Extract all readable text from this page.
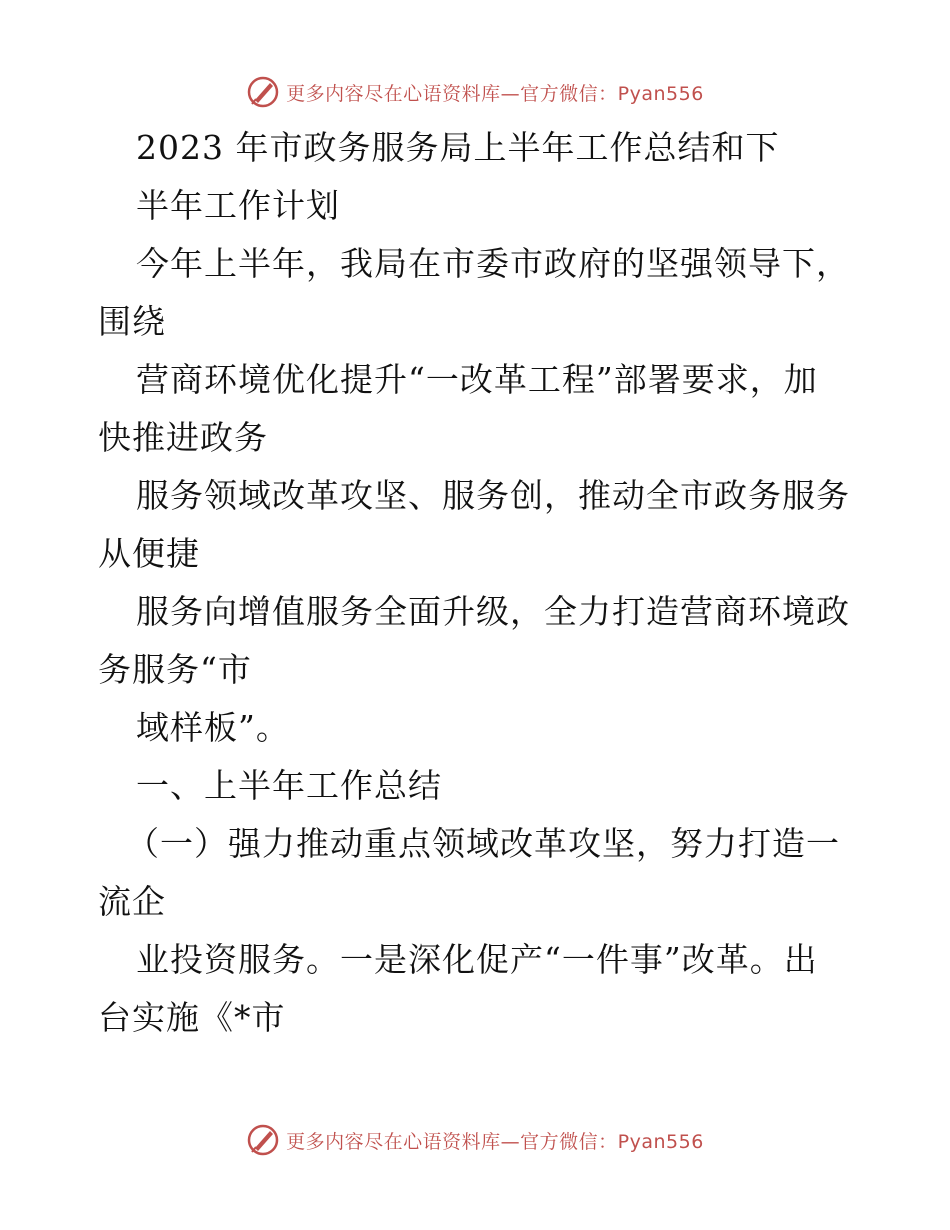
更多内容尽在心语资料库—官方微信：Pyan556
2023 年市政务服务局上半年工作总结和下
半年工作计划
今年上半年，我局在市委市政府的坚强领导下，
围绕
营商环境优化提升“一改革工程”部署要求，加
快推进政务
服务领域改革攻坚、服务创，推动全市政务服务
从便捷
服务向增值服务全面升级，全力打造营商环境政
务服务“市
域样板”。
一、上半年工作总结
（一）强力推动重点领域改革攻坚，努力打造一
流企
业投资服务。一是深化促产“一件事”改革。出
台实施《*市
更多内容尽在心语资料库—官方微信：Pyan556
